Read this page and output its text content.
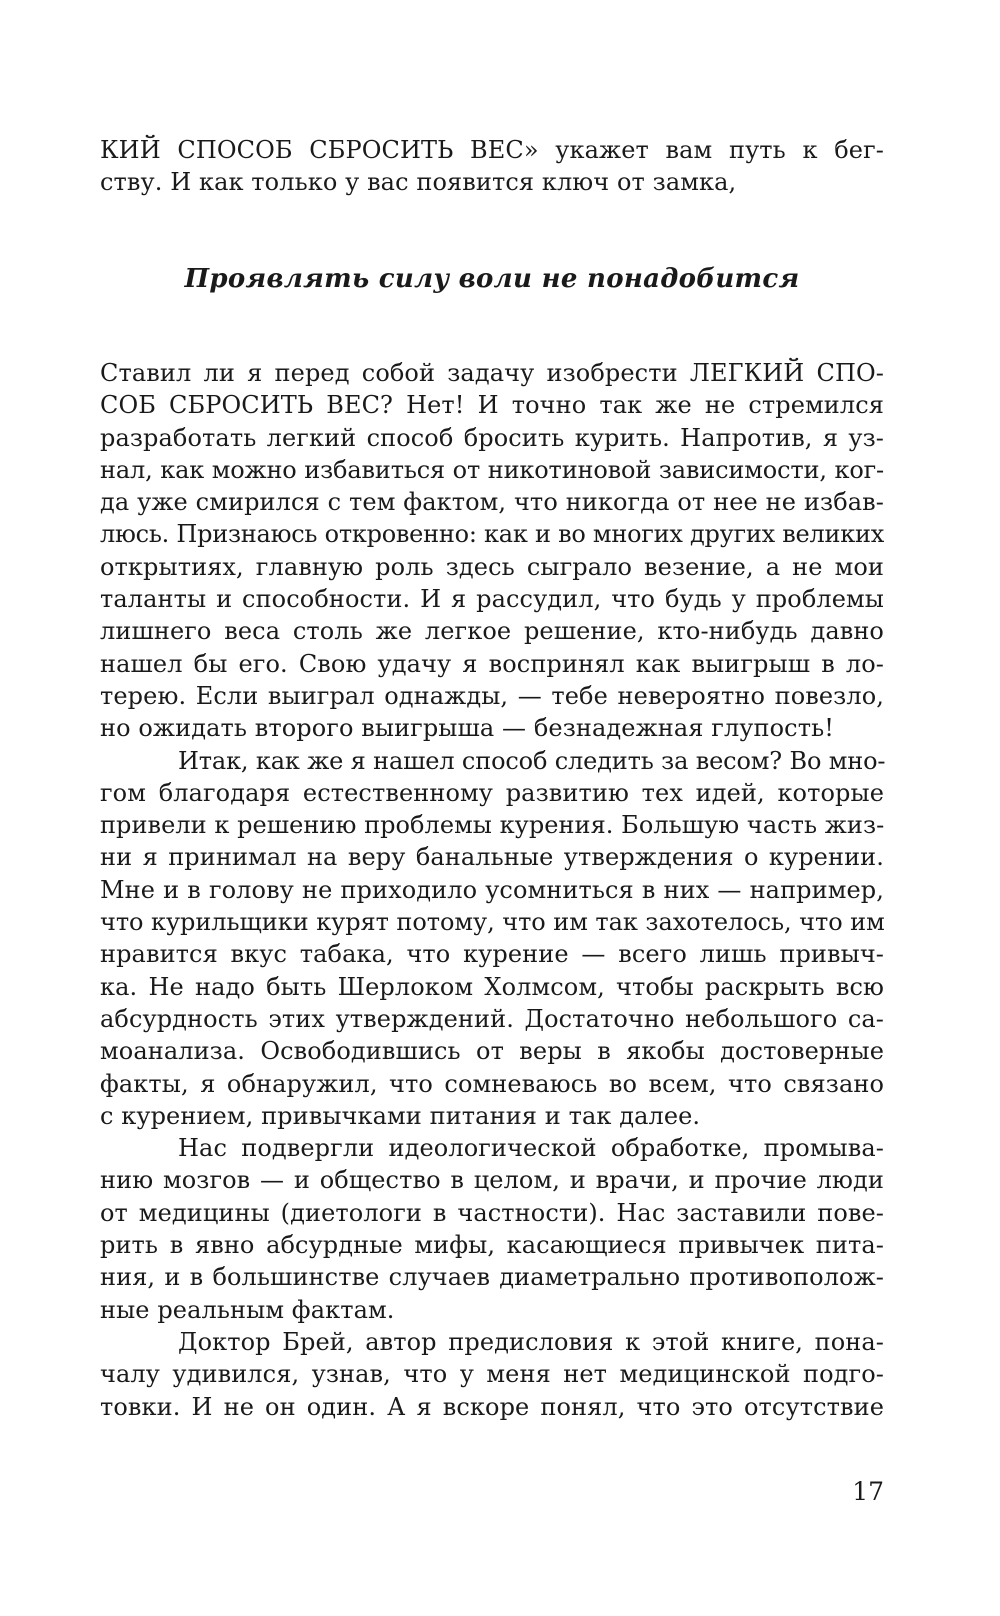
КИЙ СПОСОБ СБРОСИТЬ ВЕС» укажет вам путь к бег-
ству. И как только у вас появится ключ от замка,
Проявлять силу воли не понадобится
Ставил ли я перед собой задачу изобрести ЛЕГКИЙ СПО-
СОБ СБРОСИТЬ ВЕС? Нет! И точно так же не стремился
разработать легкий способ бросить курить. Напротив, я уз-
нал, как можно избавиться от никотиновой зависимости, ког-
да уже смирился с тем фактом, что никогда от нее не избав-
люсь. Признаюсь откровенно: как и во многих других великих
открытиях, главную роль здесь сыграло везение, а не мои
таланты и способности. И я рассудил, что будь у проблемы
лишнего веса столь же легкое решение, кто-нибудь давно
нашел бы его. Свою удачу я воспринял как выигрыш в ло-
терею. Если выиграл однажды, — тебе невероятно повезло,
но ожидать второго выигрыша — безнадежная глупость!
Итак, как же я нашел способ следить за весом? Во мно-
гом благодаря естественному развитию тех идей, которые
привели к решению проблемы курения. Большую часть жиз-
ни я принимал на веру банальные утверждения о курении.
Мне и в голову не приходило усомниться в них — например,
что курильщики курят потому, что им так захотелось, что им
нравится вкус табака, что курение — всего лишь привыч-
ка. Не надо быть Шерлоком Холмсом, чтобы раскрыть всю
абсурдность этих утверждений. Достаточно небольшого са-
моанализа. Освободившись от веры в якобы достоверные
факты, я обнаружил, что сомневаюсь во всем, что связано
с курением, привычками питания и так далее.
Нас подвергли идеологической обработке, промыва-
нию мозгов — и общество в целом, и врачи, и прочие люди
от медицины (диетологи в частности). Нас заставили пове-
рить в явно абсурдные мифы, касающиеся привычек пита-
ния, и в большинстве случаев диаметрально противополож-
ные реальным фактам.
Доктор Брей, автор предисловия к этой книге, пона-
чалу удивился, узнав, что у меня нет медицинской подго-
товки. И не он один. А я вскоре понял, что это отсутствие
17
